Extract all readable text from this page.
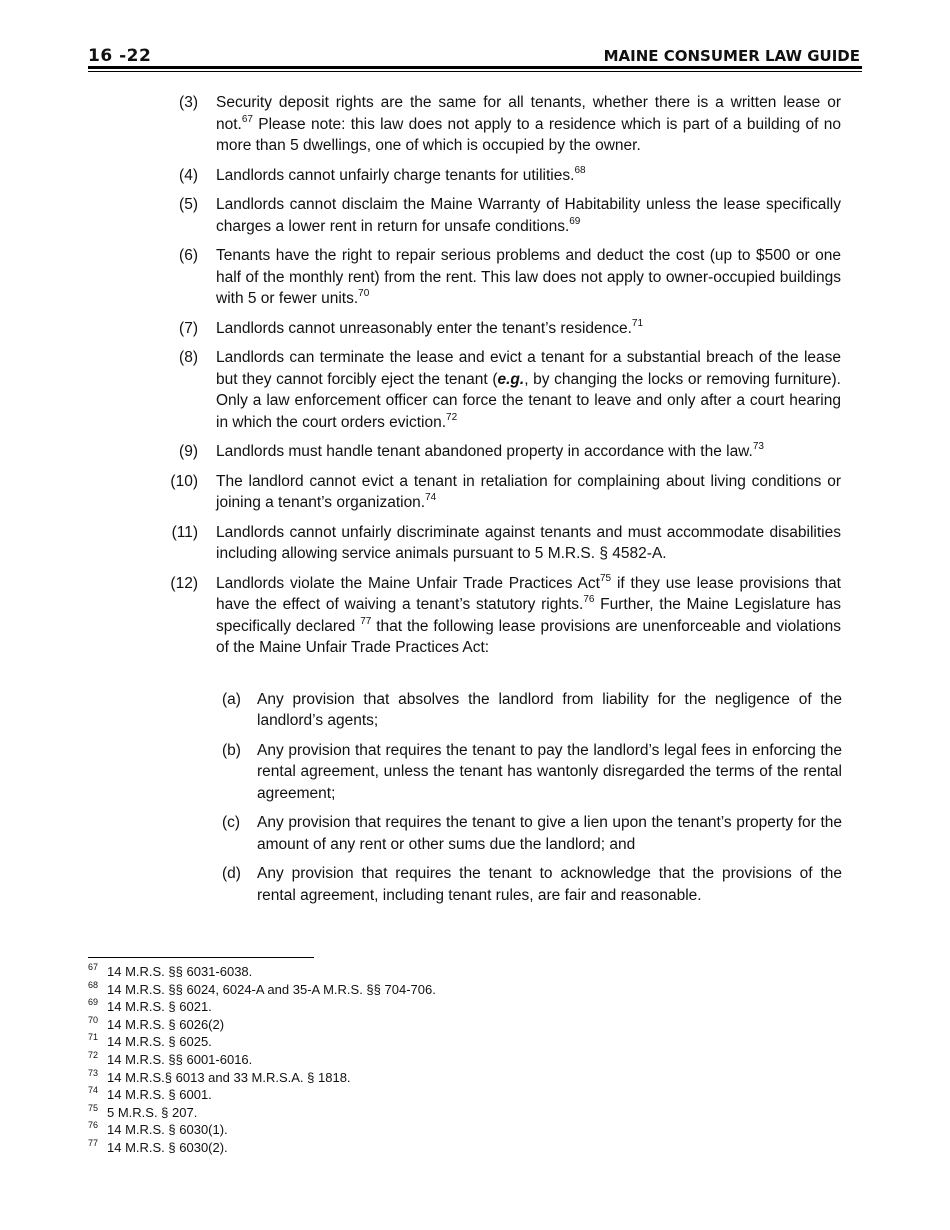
16 -22	MAINE CONSUMER LAW GUIDE
(3) Security deposit rights are the same for all tenants, whether there is a written lease or not.$^{67}$ Please note: this law does not apply to a residence which is part of a building of no more than 5 dwellings, one of which is occupied by the owner.
(4) Landlords cannot unfairly charge tenants for utilities.$^{68}$
(5) Landlords cannot disclaim the Maine Warranty of Habitability unless the lease specifically charges a lower rent in return for unsafe conditions.$^{69}$
(6) Tenants have the right to repair serious problems and deduct the cost (up to $500 or one half of the monthly rent) from the rent. This law does not apply to owner-occupied buildings with 5 or fewer units.$^{70}$
(7) Landlords cannot unreasonably enter the tenant’s residence.$^{71}$
(8) Landlords can terminate the lease and evict a tenant for a substantial breach of the lease but they cannot forcibly eject the tenant (e.g., by changing the locks or removing furniture). Only a law enforcement officer can force the tenant to leave and only after a court hearing in which the court orders eviction.$^{72}$
(9) Landlords must handle tenant abandoned property in accordance with the law.$^{73}$
(10) The landlord cannot evict a tenant in retaliation for complaining about living conditions or joining a tenant’s organization.$^{74}$
(11) Landlords cannot unfairly discriminate against tenants and must accommodate disabilities including allowing service animals pursuant to 5 M.R.S. § 4582-A.
(12) Landlords violate the Maine Unfair Trade Practices Act$^{75}$ if they use lease provisions that have the effect of waiving a tenant’s statutory rights.$^{76}$ Further, the Maine Legislature has specifically declared $^{77}$ that the following lease provisions are unenforceable and violations of the Maine Unfair Trade Practices Act:
(a) Any provision that absolves the landlord from liability for the negligence of the landlord’s agents;
(b) Any provision that requires the tenant to pay the landlord’s legal fees in enforcing the rental agreement, unless the tenant has wantonly disregarded the terms of the rental agreement;
(c) Any provision that requires the tenant to give a lien upon the tenant’s property for the amount of any rent or other sums due the landlord; and
(d) Any provision that requires the tenant to acknowledge that the provisions of the rental agreement, including tenant rules, are fair and reasonable.
67 14 M.R.S. §§ 6031-6038.
68 14 M.R.S. §§ 6024, 6024-A and 35-A M.R.S. §§ 704-706.
69 14 M.R.S. § 6021.
70 14 M.R.S. § 6026(2)
71 14 M.R.S. § 6025.
72 14 M.R.S. §§ 6001-6016.
73 14 M.R.S.§ 6013 and 33 M.R.S.A. § 1818.
74 14 M.R.S. § 6001.
75 5 M.R.S. § 207.
76 14 M.R.S. § 6030(1).
77 14 M.R.S. § 6030(2).
